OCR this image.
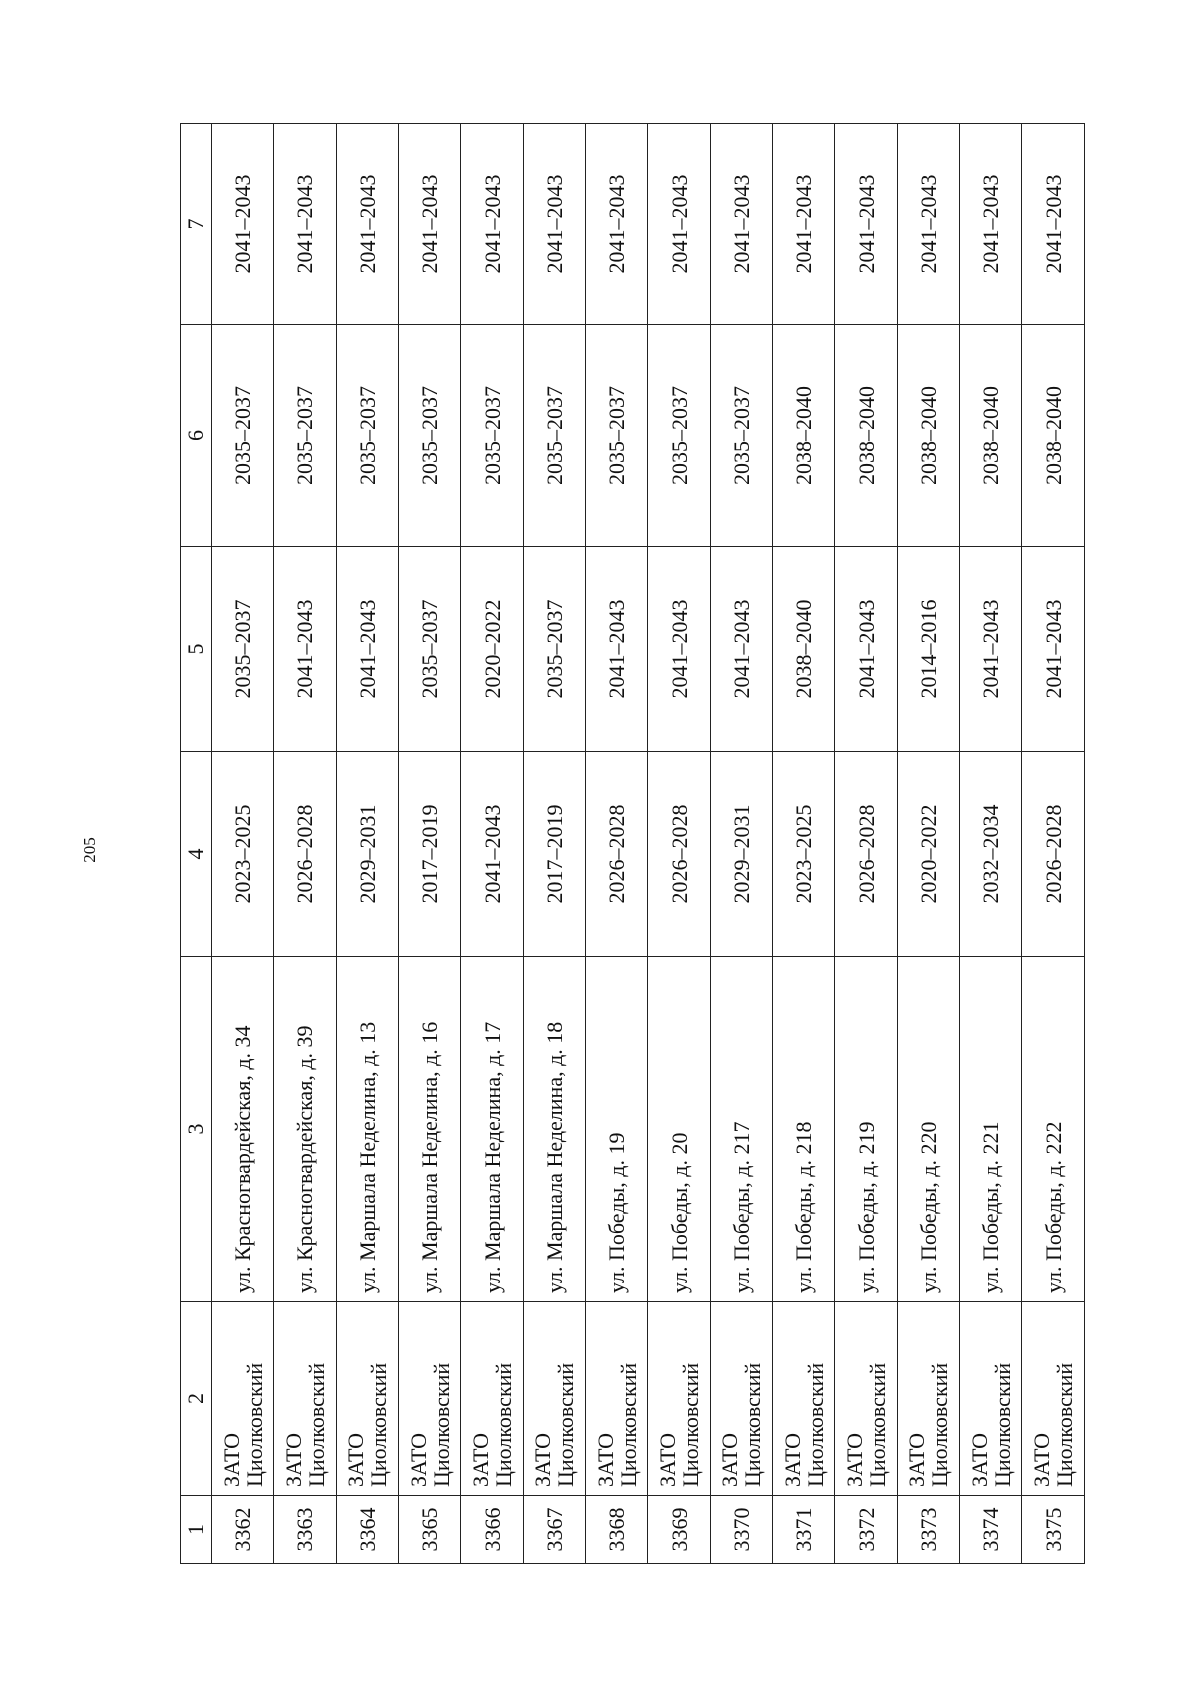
205
1	2	3	4	5	6	7
3362	ЗАТО Циолковский	ул. Красногвардейская, д. 34	2023–2025	2035–2037	2035–2037	2041–2043
3363	ЗАТО Циолковский	ул. Красногвардейская, д. 39	2026–2028	2041–2043	2035–2037	2041–2043
3364	ЗАТО Циолковский	ул. Маршала Неделина, д. 13	2029–2031	2041–2043	2035–2037	2041–2043
3365	ЗАТО Циолковский	ул. Маршала Неделина, д. 16	2017–2019	2035–2037	2035–2037	2041–2043
3366	ЗАТО Циолковский	ул. Маршала Неделина, д. 17	2041–2043	2020–2022	2035–2037	2041–2043
3367	ЗАТО Циолковский	ул. Маршала Неделина, д. 18	2017–2019	2035–2037	2035–2037	2041–2043
3368	ЗАТО Циолковский	ул. Победы, д. 19	2026–2028	2041–2043	2035–2037	2041–2043
3369	ЗАТО Циолковский	ул. Победы, д. 20	2026–2028	2041–2043	2035–2037	2041–2043
3370	ЗАТО Циолковский	ул. Победы, д. 217	2029–2031	2041–2043	2035–2037	2041–2043
3371	ЗАТО Циолковский	ул. Победы, д. 218	2023–2025	2038–2040	2038–2040	2041–2043
3372	ЗАТО Циолковский	ул. Победы, д. 219	2026–2028	2041–2043	2038–2040	2041–2043
3373	ЗАТО Циолковский	ул. Победы, д. 220	2020–2022	2014–2016	2038–2040	2041–2043
3374	ЗАТО Циолковский	ул. Победы, д. 221	2032–2034	2041–2043	2038–2040	2041–2043
3375	ЗАТО Циолковский	ул. Победы, д. 222	2026–2028	2041–2043	2038–2040	2041–2043
